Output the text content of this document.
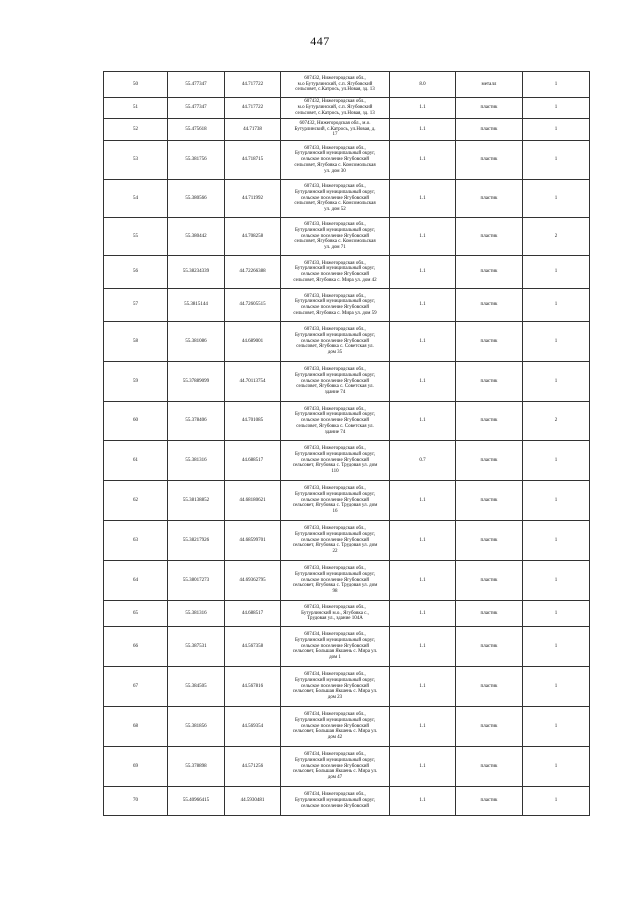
447
50	55.477347	44.717722	607432, Нижегородская обл.,
м.о Бутурлинский, с.п. Ягубовский
сельсовет, с.Катрось, ул.Новая, зд. 13	8.0	металл	1
51	55.477347	44.717722	607432, Нижегородская обл.,
м.о Бутурлинский, с.п. Ягубовский
сельсовет, с.Катрось, ул.Новая, зд. 13	1.1	пластик	1
52	55.475618	44.71738	607432, Нижегородская обл., м.о.
Бутурлинский, с.Катрось, ул.Новая, д.
17	1.1	пластик	1
53	55.381756	44.718715	607433, Нижегородская обл.,
Бутурлинский муниципальный округ,
сельское поселение Ягубовский
сельсовет, Ягубовка с. Комсомольская
ул. дом 30	1.1	пластик	1
54	55.380566	44.711992	607433, Нижегородская обл.,
Бутурлинский муниципальный округ,
сельское поселение Ягубовский
сельсовет, Ягубовка с. Комсомольская
ул. дом 52	1.1	пластик	1
55	55.380442	44.708258	607433, Нижегородская обл.,
Бутурлинский муниципальный округ,
сельское поселение Ягубовский
сельсовет, Ягубовка с. Комсомольская
ул. дом 71	1.1	пластик	2
56	55.38234339	44.72266388	607433, Нижегородская обл.,
Бутурлинский муниципальный округ,
сельское поселение Ягубовский
сельсовет, Ягубовка с. Мира ул. дом 42	1.1	пластик	1
57	55.3815144	44.72605515	607433, Нижегородская обл.,
Бутурлинский муниципальный округ,
сельское поселение Ягубовский
сельсовет, Ягубовка с. Мира ул. дом 59	1.1	пластик	1
58	55.381086	44.689001	607433, Нижегородская обл.,
Бутурлинский муниципальный округ,
сельское поселение Ягубовский
сельсовет, Ягубовка с. Советская ул.
дом 35	1.1	пластик	1
59	55.37889099	44.70113754	607433, Нижегородская обл.,
Бутурлинский муниципальный округ,
сельское поселение Ягубовский
сельсовет, Ягубовка с. Советская ул.
здание 74	1.1	пластик	1
60	55.378406	44.701085	607433, Нижегородская обл.,
Бутурлинский муниципальный округ,
сельское поселение Ягубовский
сельсовет, Ягубовка с. Советская ул.
здание 74	1.1	пластик	2
61	55.381316	44.688517	607433, Нижегородская обл.,
Бутурлинский муниципальный округ,
сельское поселение Ягубовский
сельсовет, Ягубовка с. Трудовая ул. дом
110	0.7	пластик	1
62	55.38138852	44.68180621	607433, Нижегородская обл.,
Бутурлинский муниципальный округ,
сельское поселение Ягубовский
сельсовет, Ягубовка с. Трудовая ул. дом
16	1.1	пластик	1
63	55.38217926	44.68599701	607433, Нижегородская обл.,
Бутурлинский муниципальный округ,
сельское поселение Ягубовский
сельсовет, Ягубовка с. Трудовая ул. дом
22	1.1	пластик	1
64	55.38017273	44.69362795	607433, Нижегородская обл.,
Бутурлинский муниципальный округ,
сельское поселение Ягубовский
сельсовет, Ягубовка с. Трудовая ул. дом
98	1.1	пластик	1
65	55.381316	44.688517	607433, Нижегородская обл.,
Бутурлинский м.о., Ягубовка с.,
Трудовая ул., здание 104А	1.1	пластик	1
66	55.387531	44.567358	607434, Нижегородская обл.,
Бутурлинский муниципальный округ,
сельское поселение Ягубовский
сельсовет, Большая Якшень с. Мира ул.
дом 1	1.1	пластик	1
67	55.384505	44.567816	607434, Нижегородская обл.,
Бутурлинский муниципальный округ,
сельское поселение Ягубовский
сельсовет, Большая Якшень с. Мира ул.
дом 23	1.1	пластик	1
68	55.381856	44.569354	607434, Нижегородская обл.,
Бутурлинский муниципальный округ,
сельское поселение Ягубовский
сельсовет, Большая Якшень с. Мира ул.
дом 42	1.1	пластик	1
69	55.378898	44.571256	607434, Нижегородская обл.,
Бутурлинский муниципальный округ,
сельское поселение Ягубовский
сельсовет, Большая Якшень с. Мира ул.
дом 47	1.1	пластик	1
70	55.40966415	44.5930481	607434, Нижегородская обл.,
Бутурлинский муниципальный округ,
сельское поселение Ягубовский	1.1	пластик	1
